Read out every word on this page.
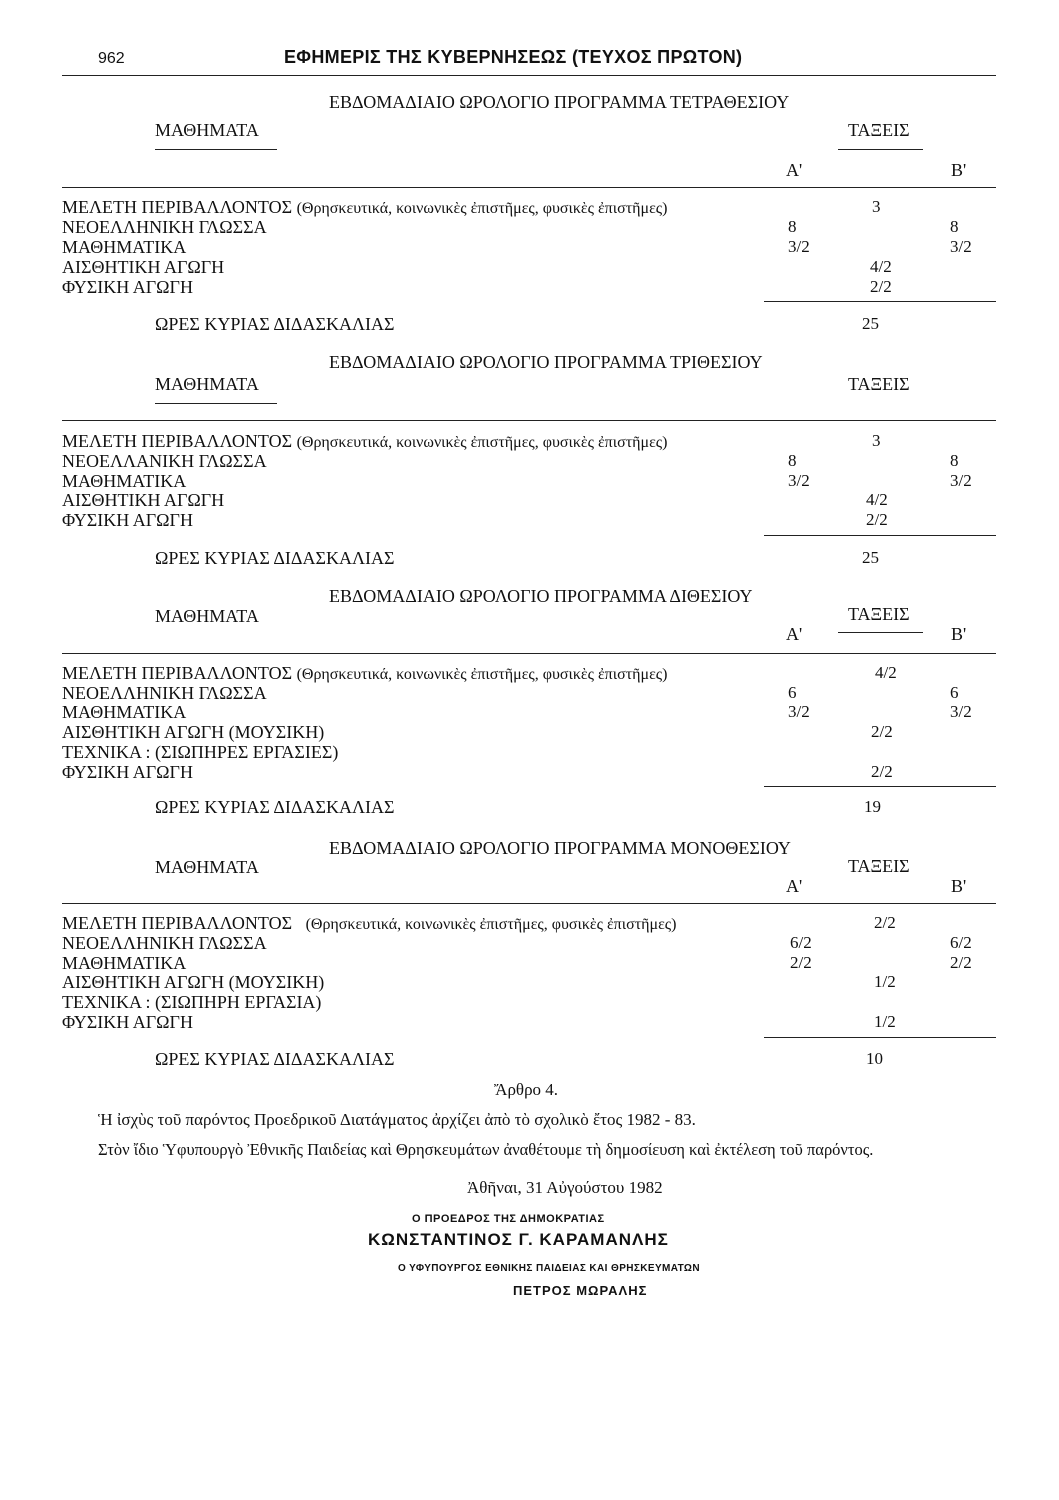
962	ΕΦΗΜΕΡΙΣ ΤΗΣ ΚΥΒΕΡΝΗΣΕΩΣ (ΤΕΥΧΟΣ ΠΡΩΤΟΝ)
ΕΒΔΟΜΑΔΙΑΙΟ ΩΡΟΛΟΓΙΟ ΠΡΟΓΡΑΜΜΑ ΤΕΤΡΑΘΕΣΙΟΥ
ΜΑΘΗΜΑΤΑ	ΤΑΞΕΙΣ
Α'	Β'
ΜΕΛΕΤΗ ΠΕΡΙΒΑΛΛΟΝΤΟΣ (Θρησκευτικά, κοινωνικὲς ἐπιστῆμες, φυσικὲς ἐπιστῆμες)	3
ΝΕΟΕΛΛΗΝΙΚΗ ΓΛΩΣΣΑ	8	8
ΜΑΘΗΜΑΤΙΚΑ	3/2	3/2
ΑΙΣΘΗΤΙΚΗ ΑΓΩΓΗ	4/2
ΦΥΣΙΚΗ ΑΓΩΓΗ	2/2
ΩΡΕΣ ΚΥΡΙΑΣ ΔΙΔΑΣΚΑΛΙΑΣ	25
ΕΒΔΟΜΑΔΙΑΙΟ ΩΡΟΛΟΓΙΟ ΠΡΟΓΡΑΜΜΑ ΤΡΙΘΕΣΙΟΥ
ΜΑΘΗΜΑΤΑ	ΤΑΞΕΙΣ
ΜΕΛΕΤΗ ΠΕΡΙΒΑΛΛΟΝΤΟΣ (Θρησκευτικά, κοινωνικὲς ἐπιστῆμες, φυσικὲς ἐπιστῆμες)	3
ΝΕΟΕΛΛΑΝΙΚΗ ΓΛΩΣΣΑ	8	8
ΜΑΘΗΜΑΤΙΚΑ	3/2	3/2
ΑΙΣΘΗΤΙΚΗ ΑΓΩΓΗ	4/2
ΦΥΣΙΚΗ ΑΓΩΓΗ	2/2
ΩΡΕΣ ΚΥΡΙΑΣ ΔΙΔΑΣΚΑΛΙΑΣ	25
ΕΒΔΟΜΑΔΙΑΙΟ ΩΡΟΛΟΓΙΟ ΠΡΟΓΡΑΜΜΑ ΔΙΘΕΣΙΟΥ
ΜΑΘΗΜΑΤΑ	ΤΑΞΕΙΣ
Α'	Β'
ΜΕΛΕΤΗ ΠΕΡΙΒΑΛΛΟΝΤΟΣ (Θρησκευτικά, κοινωνικὲς ἐπιστῆμες, φυσικὲς ἐπιστῆμες)	4/2
ΝΕΟΕΛΛΗΝΙΚΗ ΓΛΩΣΣΑ	6	6
ΜΑΘΗΜΑΤΙΚΑ	3/2	3/2
ΑΙΣΘΗΤΙΚΗ ΑΓΩΓΗ (ΜΟΥΣΙΚΗ)	2/2
ΤΕΧΝΙΚΑ : (ΣΙΩΠΗΡΕΣ ΕΡΓΑΣΙΕΣ)
ΦΥΣΙΚΗ ΑΓΩΓΗ	2/2
ΩΡΕΣ ΚΥΡΙΑΣ ΔΙΔΑΣΚΑΛΙΑΣ	19
ΕΒΔΟΜΑΔΙΑΙΟ ΩΡΟΛΟΓΙΟ ΠΡΟΓΡΑΜΜΑ ΜΟΝΟΘΕΣΙΟΥ
ΜΑΘΗΜΑΤΑ	ΤΑΞΕΙΣ
Α'	Β'
ΜΕΛΕΤΗ ΠΕΡΙΒΑΛΛΟΝΤΟΣ (Θρησκευτικά, κοινωνικὲς ἐπιστῆμες, φυσικὲς ἐπιστῆμες)	2/2
ΝΕΟΕΛΛΗΝΙΚΗ ΓΛΩΣΣΑ	6/2	6/2
ΜΑΘΗΜΑΤΙΚΑ	2/2	2/2
ΑΙΣΘΗΤΙΚΗ ΑΓΩΓΗ (ΜΟΥΣΙΚΗ)	1/2
ΤΕΧΝΙΚΑ : (ΣΙΩΠΗΡΗ ΕΡΓΑΣΙΑ)
ΦΥΣΙΚΗ ΑΓΩΓΗ	1/2
ΩΡΕΣ ΚΥΡΙΑΣ ΔΙΔΑΣΚΑΛΙΑΣ	10
Ἄρθρο 4.
Ἡ ἰσχὺς τοῦ παρόντος Προεδρικοῦ Διατάγματος ἀρχίζει ἀπὸ τὸ σχολικὸ ἔτος 1982 - 83.
Στὸν ἴδιο Ὑφυπουργὸ Ἐθνικῆς Παιδείας καὶ Θρησκευμάτων ἀναθέτουμε τὴ δημοσίευση καὶ ἐκτέλεση τοῦ παρόντος.
Ἀθῆναι, 31 Αὐγούστου 1982
Ο ΠΡΟΕΔΡΟΣ ΤΗΣ ΔΗΜΟΚΡΑΤΙΑΣ
ΚΩΝΣΤΑΝΤΙΝΟΣ Γ. ΚΑΡΑΜΑΝΛΗΣ
Ο ΥΦΥΠΟΥΡΓΟΣ ΕΘΝΙΚΗΣ ΠΑΙΔΕΙΑΣ ΚΑΙ ΘΡΗΣΚΕΥΜΑΤΩΝ
ΠΕΤΡΟΣ ΜΩΡΑΛΗΣ
